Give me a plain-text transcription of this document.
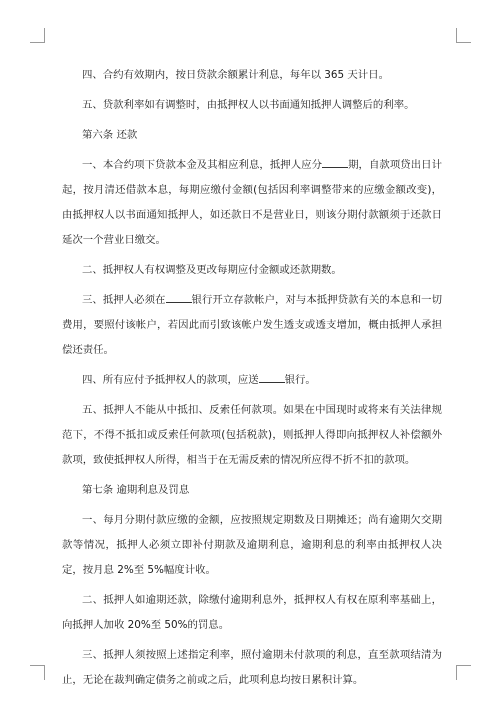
四、合约有效期内，按日贷款余额累计利息，每年以 365 天计日。

五、贷款利率如有调整时，由抵押权人以书面通知抵押人调整后的利率。

第六条 还款

一、本合约项下贷款本金及其相应利息，抵押人应分	期，自款项贷出日计起，按月清还借款本息，每期应缴付金额(包括因利率调整带来的应缴金额改变)，由抵押权人以书面通知抵押人，如还款日不是营业日，则该分期付款额须于还款日延次一个营业日缴交。

二、抵押权人有权调整及更改每期应付金额或还款期数。

三、抵押人必须在	银行开立存款帐户，对与本抵押贷款有关的本息和一切费用，要照付该帐户，若因此而引致该帐户发生透支或透支增加，概由抵押人承担偿还责任。

四、所有应付予抵押权人的款项，应送	银行。

五、抵押人不能从中抵扣、反索任何款项。如果在中国现时或将来有关法律规范下，不得不抵扣或反索任何款项(包括税款)，则抵押人得即向抵押权人补偿额外款项，致使抵押权人所得，相当于在无需反索的情况所应得不折不扣的款项。

第七条 逾期利息及罚息

一、每月分期付款应缴的金额，应按照规定期数及日期摊还；尚有逾期欠交期款等情况，抵押人必须立即补付期款及逾期利息，逾期利息的利率由抵押权人决定，按月息 2%至 5%幅度计收。

二、抵押人如逾期还款，除缴付逾期利息外，抵押权人有权在原利率基础上，向抵押人加收 20%至 50%的罚息。

三、抵押人须按照上述指定利率，照付逾期未付款项的利息，直至款项结清为止，无论在裁判确定债务之前或之后，此项利息均按日累积计算。
